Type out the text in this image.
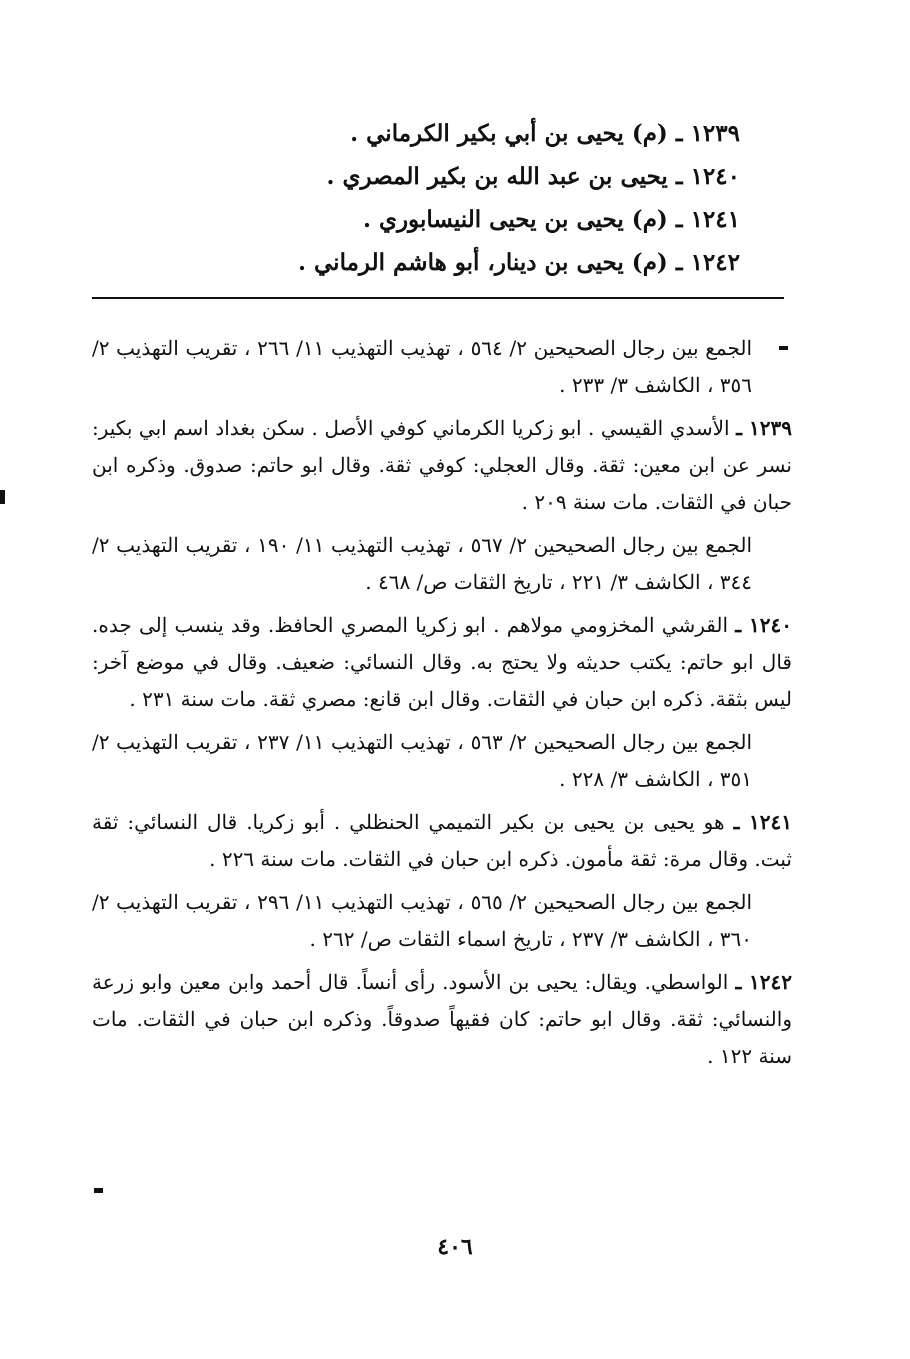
١٢٣٩ ـ (م) يحيى بن أبي بكير الكرماني .
١٢٤٠ ـ يحيى بن عبد الله بن بكير المصري .
١٢٤١ ـ (م) يحيى بن يحيى النيسابوري .
١٢٤٢ ـ (م) يحيى بن دينار، أبو هاشم الرماني .
الجمع بين رجال الصحيحين ٢/ ٥٦٤ ، تهذيب التهذيب ١١/ ٢٦٦ ، تقريب التهذيب ٢/ ٣٥٦ ، الكاشف ٣/ ٢٣٣ .
١٢٣٩ ـ الأسدي القيسي . ابو زكريا الكرماني كوفي الأصل . سكن بغداد اسم ابي بكير: نسر عن ابن معين: ثقة. وقال العجلي: كوفي ثقة. وقال ابو حاتم: صدوق. وذكره ابن حبان في الثقات. مات سنة ٢٠٩ .
الجمع بين رجال الصحيحين ٢/ ٥٦٧ ، تهذيب التهذيب ١١/ ١٩٠ ، تقريب التهذيب ٢/ ٣٤٤ ، الكاشف ٣/ ٢٢١ ، تاريخ الثقات ص/ ٤٦٨ .
١٢٤٠ ـ القرشي المخزومي مولاهم . ابو زكريا المصري الحافظ. وقد ينسب إلى جده. قال ابو حاتم: يكتب حديثه ولا يحتج به. وقال النسائي: ضعيف. وقال في موضع آخر: ليس بثقة. ذكره ابن حبان في الثقات. وقال ابن قانع: مصري ثقة. مات سنة ٢٣١ .
الجمع بين رجال الصحيحين ٢/ ٥٦٣ ، تهذيب التهذيب ١١/ ٢٣٧ ، تقريب التهذيب ٢/ ٣٥١ ، الكاشف ٣/ ٢٢٨ .
١٢٤١ ـ هو يحيى بن يحيى بن بكير التميمي الحنظلي . أبو زكريا. قال النسائي: ثقة ثبت. وقال مرة: ثقة مأمون. ذكره ابن حبان في الثقات. مات سنة ٢٢٦ .
الجمع بين رجال الصحيحين ٢/ ٥٦٥ ، تهذيب التهذيب ١١/ ٢٩٦ ، تقريب التهذيب ٢/ ٣٦٠ ، الكاشف ٣/ ٢٣٧ ، تاريخ اسماء الثقات ص/ ٢٦٢ .
١٢٤٢ ـ الواسطي. ويقال: يحيى بن الأسود. رأى أنساً. قال أحمد وابن معين وابو زرعة والنسائي: ثقة. وقال ابو حاتم: كان فقيهاً صدوقاً. وذكره ابن حبان في الثقات. مات سنة ١٢٢ .
٤٠٦
